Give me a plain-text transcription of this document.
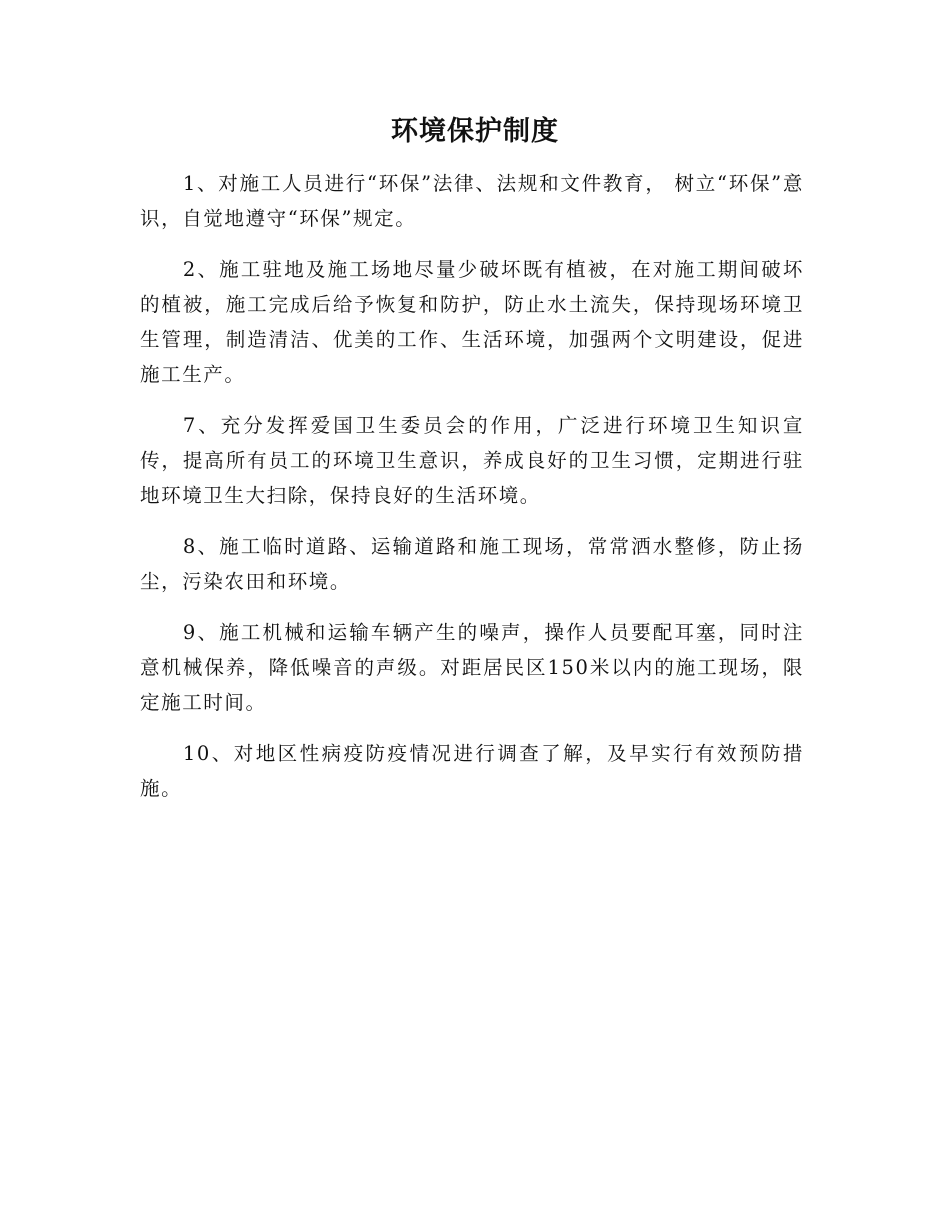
环境保护制度

1、对施工人员进行“环保”法律、法规和文件教育， 树立“环保”意识，自觉地遵守“环保”规定。

2、施工驻地及施工场地尽量少破坏既有植被，在对施工期间破坏的植被，施工完成后给予恢复和防护，防止水土流失，保持现场环境卫生管理，制造清洁、优美的工作、生活环境，加强两个文明建设，促进施工生产。

7、充分发挥爱国卫生委员会的作用，广泛进行环境卫生知识宣传，提高所有员工的环境卫生意识，养成良好的卫生习惯，定期进行驻地环境卫生大扫除，保持良好的生活环境。

8、施工临时道路、运输道路和施工现场，常常洒水整修，防止扬尘，污染农田和环境。

9、施工机械和运输车辆产生的噪声，操作人员要配耳塞，同时注意机械保养，降低噪音的声级。对距居民区150米以内的施工现场，限定施工时间。

10、对地区性病疫防疫情况进行调查了解，及早实行有效预防措施。
